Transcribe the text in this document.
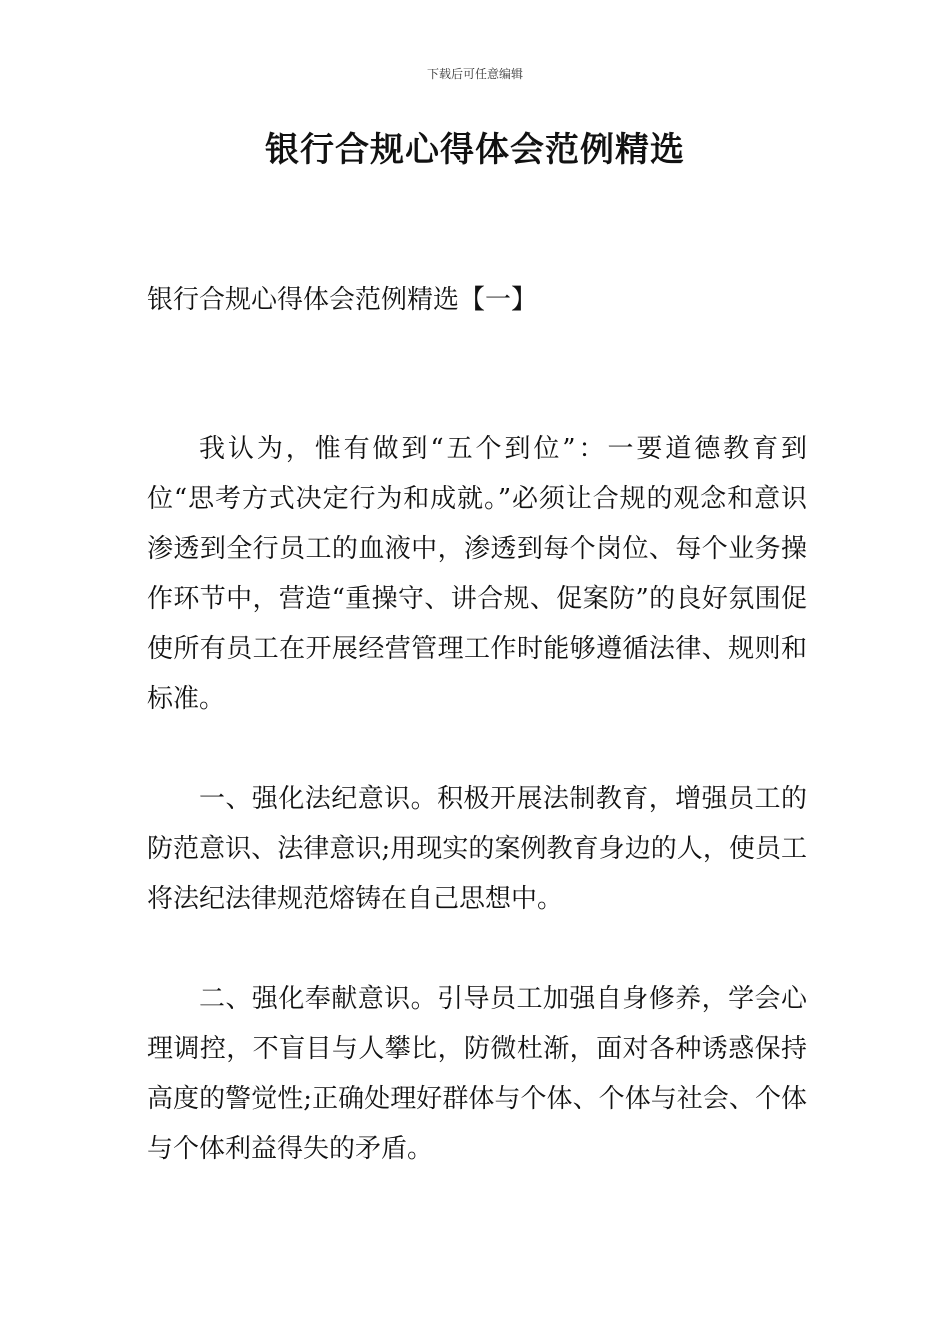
下载后可任意编辑
银行合规心得体会范例精选
银行合规心得体会范例精选【一】

我认为，惟有做到“五个到位”：一要道德教育到位“思考方式决定行为和成就。”必须让合规的观念和意识渗透到全行员工的血液中，渗透到每个岗位、每个业务操作环节中，营造“重操守、讲合规、促案防”的良好氛围促使所有员工在开展经营管理工作时能够遵循法律、规则和标准。

一、强化法纪意识。积极开展法制教育，增强员工的防范意识、法律意识;用现实的案例教育身边的人，使员工将法纪法律规范熔铸在自己思想中。

二、强化奉献意识。引导员工加强自身修养，学会心理调控，不盲目与人攀比，防微杜渐，面对各种诱惑保持高度的警觉性;正确处理好群体与个体、个体与社会、个体与个体利益得失的矛盾。
